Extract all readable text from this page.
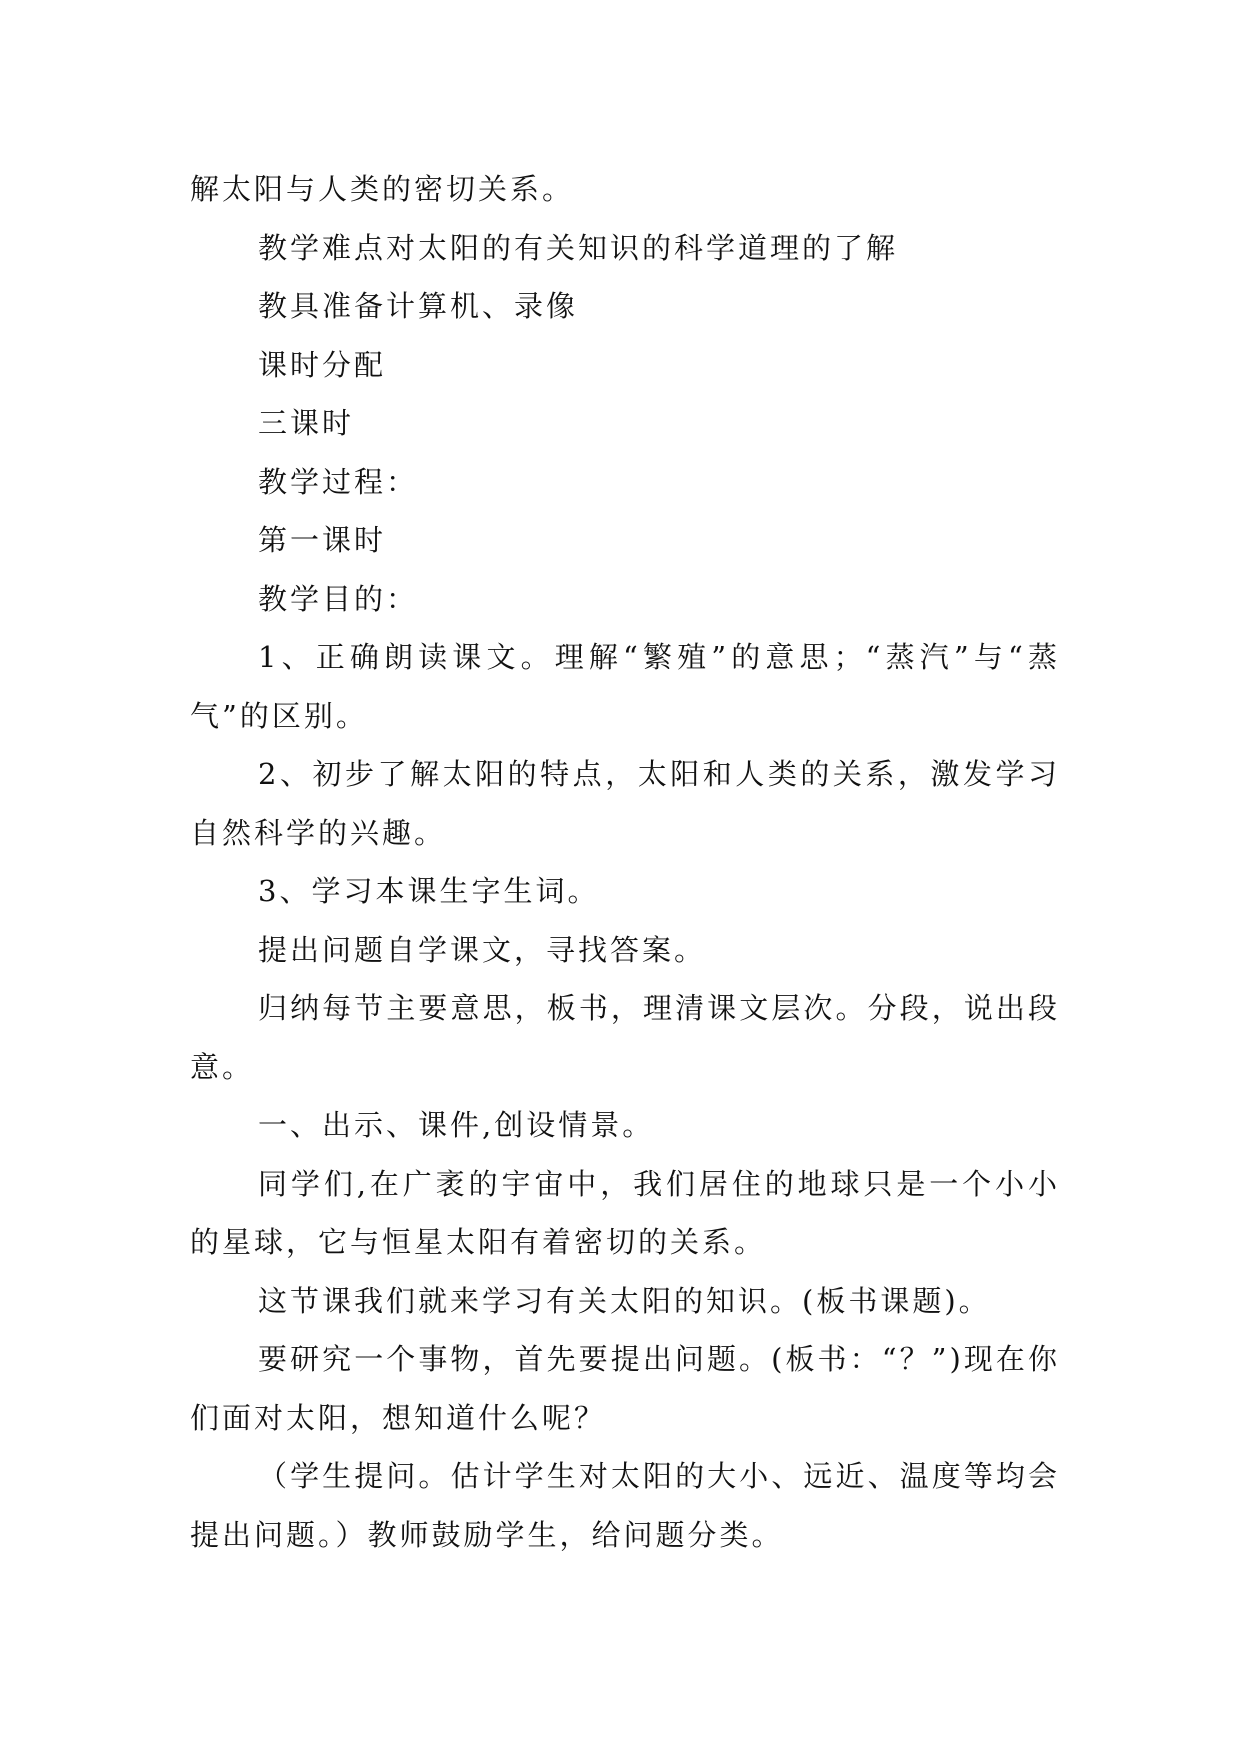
解太阳与人类的密切关系。

教学难点对太阳的有关知识的科学道理的了解

教具准备计算机、录像

课时分配

三课时

教学过程：

第一课时

教学目的：

1、正确朗读课文。理解“繁殖”的意思；“蒸汽”与“蒸气”的区别。

2、初步了解太阳的特点，太阳和人类的关系，激发学习自然科学的兴趣。

3、学习本课生字生词。

提出问题自学课文，寻找答案。

归纳每节主要意思，板书，理清课文层次。分段，说出段意。

一、出示、课件,创设情景。

同学们,在广袤的宇宙中，我们居住的地球只是一个小小的星球，它与恒星太阳有着密切的关系。

这节课我们就来学习有关太阳的知识。(板书课题)。

要研究一个事物，首先要提出问题。(板书：“？”)现在你们面对太阳，想知道什么呢？

（学生提问。估计学生对太阳的大小、远近、温度等均会提出问题。）教师鼓励学生，给问题分类。
